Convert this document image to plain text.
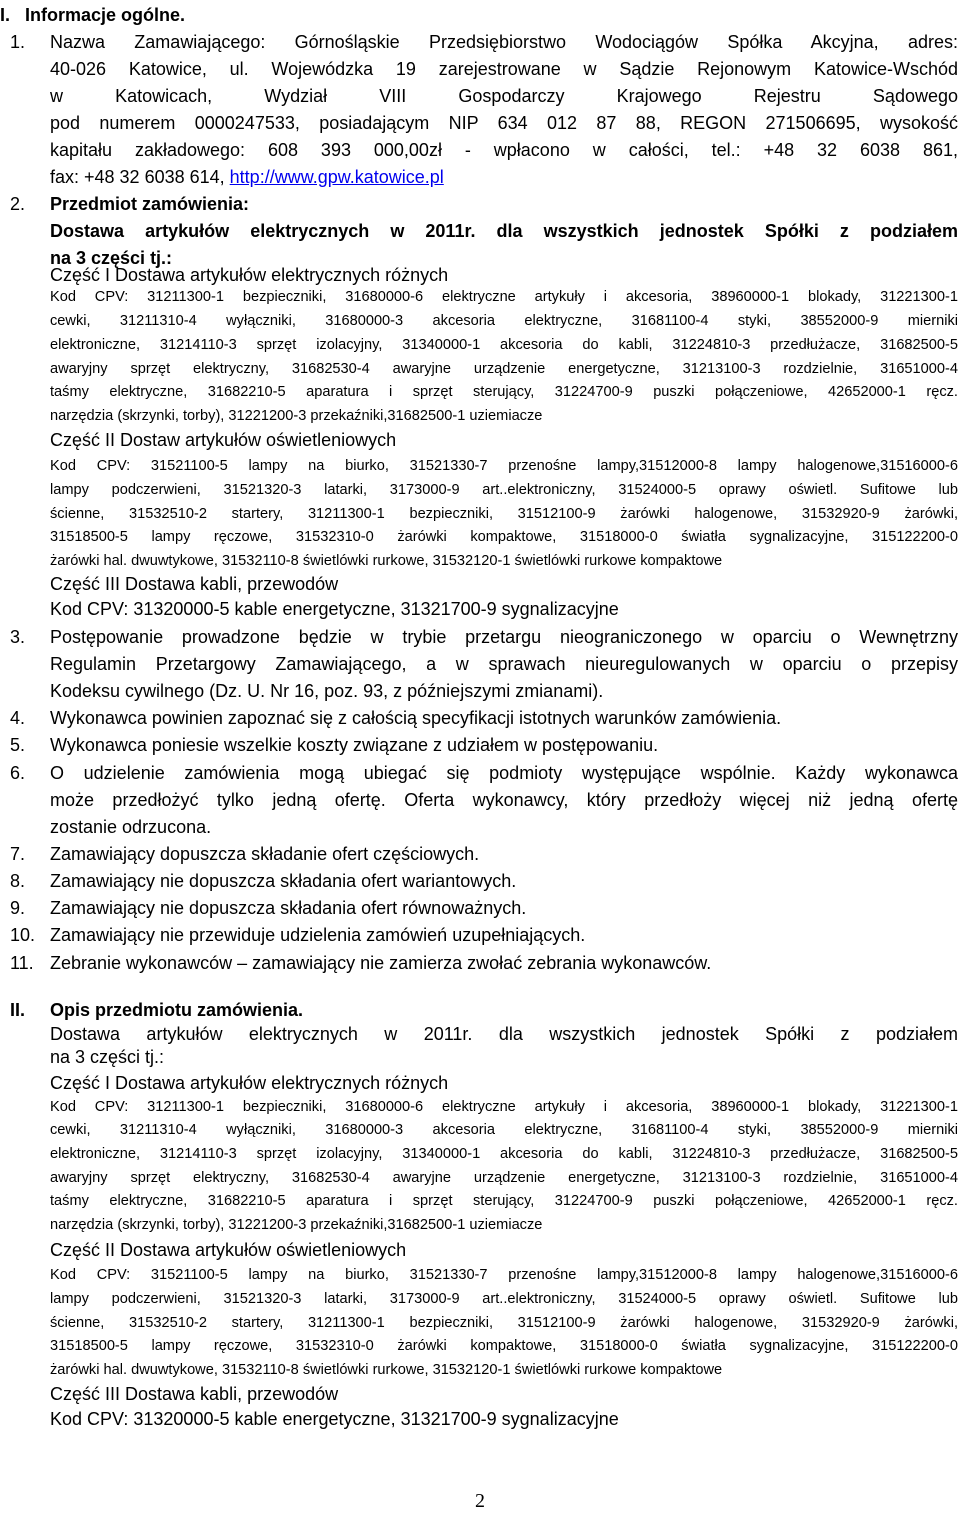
I. Informacje ogólne.
1. Nazwa Zamawiającego: Górnośląskie Przedsiębiorstwo Wodociągów Spółka Akcyjna, adres:
40-026 Katowice, ul. Wojewódzka 19 zarejestrowane w Sądzie Rejonowym Katowice-Wschód
w Katowicach, Wydział VIII Gospodarczy Krajowego Rejestru Sądowego
pod numerem 0000247533, posiadającym NIP 634 012 87 88, REGON 271506695, wysokość
kapitału zakładowego: 608 393 000,00zł - wpłacono w całości, tel.: +48 32 6038 861,
fax: +48 32 6038 614, http://www.gpw.katowice.pl
2. Przedmiot zamówienia:
Dostawa artykułów elektrycznych w 2011r. dla wszystkich jednostek Spółki z podziałem
na 3 części tj.:
Część I Dostawa artykułów elektrycznych różnych
Kod CPV: 31211300-1 bezpieczniki, 31680000-6 elektryczne artykuły i akcesoria, 38960000-1 blokady, 31221300-1
cewki, 31211310-4 wyłączniki, 31680000-3 akcesoria elektryczne, 31681100-4 styki, 38552000-9 mierniki
elektroniczne, 31214110-3 sprzęt izolacyjny, 31340000-1 akcesoria do kabli, 31224810-3 przedłużacze, 31682500-5
awaryjny sprzęt elektryczny, 31682530-4 awaryjne urządzenie energetyczne, 31213100-3 rozdzielnie, 31651000-4
taśmy elektryczne, 31682210-5 aparatura i sprzęt sterujący, 31224700-9 puszki połączeniowe, 42652000-1 ręcz.
narzędzia (skrzynki, torby), 31221200-3 przekaźniki,31682500-1 uziemiacze
Część II Dostaw artykułów oświetleniowych
Kod CPV: 31521100-5 lampy na biurko, 31521330-7 przenośne lampy,31512000-8 lampy halogenowe,31516000-6
lampy podczerwieni, 31521320-3 latarki, 3173000-9 art..elektroniczny, 31524000-5 oprawy oświetl. Sufitowe lub
ścienne, 31532510-2 startery, 31211300-1 bezpieczniki, 31512100-9 żarówki halogenowe, 31532920-9 żarówki,
31518500-5 lampy ręczowe, 31532310-0 żarówki kompaktowe, 31518000-0 światła sygnalizacyjne, 315122200-0
żarówki hal. dwuwtykowe, 31532110-8 świetlówki rurkowe, 31532120-1 świetlówki rurkowe kompaktowe
Część III Dostawa kabli, przewodów
Kod CPV: 31320000-5 kable energetyczne, 31321700-9 sygnalizacyjne
3. Postępowanie prowadzone będzie w trybie przetargu nieograniczonego w oparciu o Wewnętrzny
Regulamin Przetargowy Zamawiającego, a w sprawach nieuregulowanych w oparciu o przepisy
Kodeksu cywilnego (Dz. U. Nr 16, poz. 93, z późniejszymi zmianami).
4. Wykonawca powinien zapoznać się z całością specyfikacji istotnych warunków zamówienia.
5. Wykonawca poniesie wszelkie koszty związane z udziałem w postępowaniu.
6. O udzielenie zamówienia mogą ubiegać się podmioty występujące wspólnie. Każdy wykonawca
może przedłożyć tylko jedną ofertę. Oferta wykonawcy, który przedłoży więcej niż jedną ofertę
zostanie odrzucona.
7. Zamawiający dopuszcza składanie ofert częściowych.
8. Zamawiający nie dopuszcza składania ofert wariantowych.
9. Zamawiający nie dopuszcza składania ofert równoważnych.
10. Zamawiający nie przewiduje udzielenia zamówień uzupełniających.
11. Zebranie wykonawców – zamawiający nie zamierza zwołać zebrania wykonawców.
II. Opis przedmiotu zamówienia.
Dostawa artykułów elektrycznych w 2011r. dla wszystkich jednostek Spółki z podziałem
na 3 części tj.:
Część I Dostawa artykułów elektrycznych różnych
Kod CPV: 31211300-1 bezpieczniki, 31680000-6 elektryczne artykuły i akcesoria, 38960000-1 blokady, 31221300-1
cewki, 31211310-4 wyłączniki, 31680000-3 akcesoria elektryczne, 31681100-4 styki, 38552000-9 mierniki
elektroniczne, 31214110-3 sprzęt izolacyjny, 31340000-1 akcesoria do kabli, 31224810-3 przedłużacze, 31682500-5
awaryjny sprzęt elektryczny, 31682530-4 awaryjne urządzenie energetyczne, 31213100-3 rozdzielnie, 31651000-4
taśmy elektryczne, 31682210-5 aparatura i sprzęt sterujący, 31224700-9 puszki połączeniowe, 42652000-1 ręcz.
narzędzia (skrzynki, torby), 31221200-3 przekaźniki,31682500-1 uziemiacze
Część II Dostawa artykułów oświetleniowych
Kod CPV: 31521100-5 lampy na biurko, 31521330-7 przenośne lampy,31512000-8 lampy halogenowe,31516000-6
lampy podczerwieni, 31521320-3 latarki, 3173000-9 art..elektroniczny, 31524000-5 oprawy oświetl. Sufitowe lub
ścienne, 31532510-2 startery, 31211300-1 bezpieczniki, 31512100-9 żarówki halogenowe, 31532920-9 żarówki,
31518500-5 lampy ręczowe, 31532310-0 żarówki kompaktowe, 31518000-0 światła sygnalizacyjne, 315122200-0
żarówki hal. dwuwtykowe, 31532110-8 świetlówki rurkowe, 31532120-1 świetlówki rurkowe kompaktowe
Część III Dostawa kabli, przewodów
Kod CPV: 31320000-5 kable energetyczne, 31321700-9 sygnalizacyjne
2
